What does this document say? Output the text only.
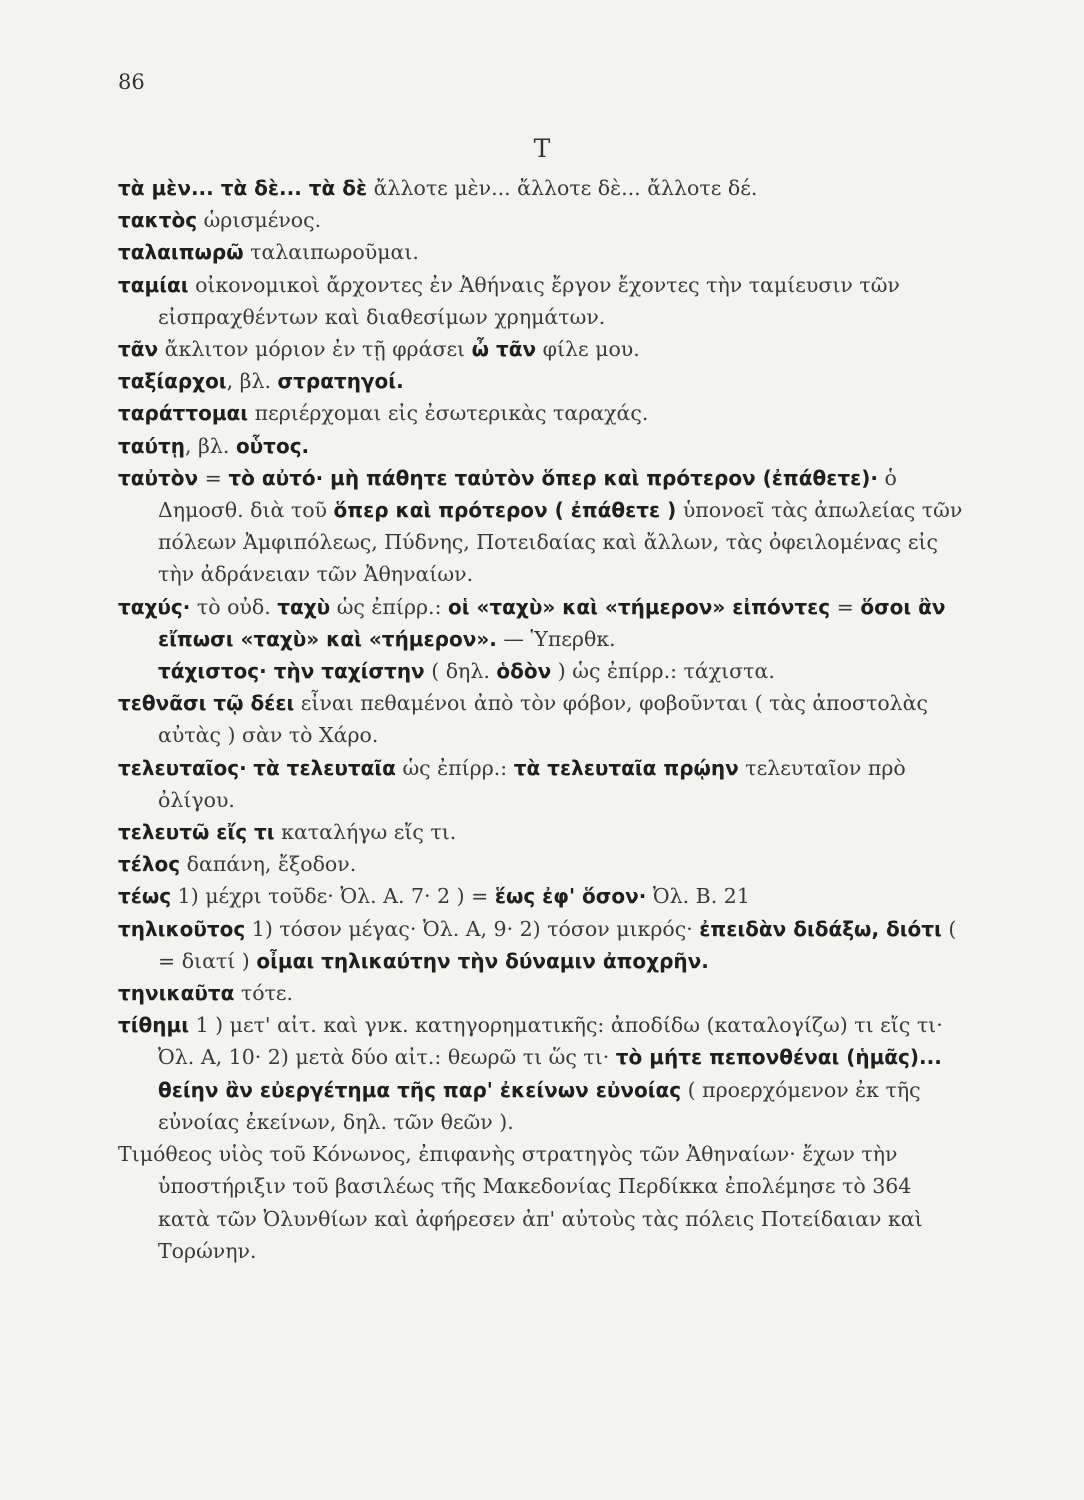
86
Τ

τὰ μὲν... τὰ δὲ... τὰ δὲ ἄλλοτε μὲν... ἄλλοτε δὲ... ἄλλοτε δέ.

τακτὸς ὡρισμένος.

ταλαιπωρῶ ταλαιπωροῦμαι.

ταμίαι οἰκονομικοὶ ἄρχοντες ἐν Ἀθήναις ἔργον ἔχοντες τὴν ταμίευσιν τῶν εἰσπραχθέντων καὶ διαθεσίμων χρημάτων.

τᾶν ἄκλιτον μόριον ἐν τῇ φράσει ὦ τᾶν φίλε μου.

ταξίαρχοι, βλ. στρατηγοί.

ταράττομαι περιέρχομαι εἰς ἐσωτερικὰς ταραχάς.

ταύτῃ, βλ. οὗτος.

ταὐτὸν = τὸ αὐτό· μὴ πάθητε ταὐτὸν ὅπερ καὶ πρότερον (ἐπάθετε)· ὁ Δημοσθ. διὰ τοῦ ὅπερ καὶ πρότερον ( ἐπάθετε ) ὑπονοεῖ τὰς ἀπωλείας τῶν πόλεων Ἀμφιπόλεως, Πύδνης, Ποτειδαίας καὶ ἄλλων, τὰς ὀφειλομένας εἰς τὴν ἀδράνειαν τῶν Ἀθηναίων.

ταχύς· τὸ οὐδ. ταχὺ ὡς ἐπίρρ.: οἱ «ταχὺ» καὶ «τήμερον» εἰπόντες = ὅσοι ἂν εἴπωσι «ταχὺ» καὶ «τήμερον». — Ὑπερθκ.

τάχιστος· τὴν ταχίστην ( δηλ. ὁδὸν ) ὡς ἐπίρρ.: τάχιστα.

τεθνᾶσι τῷ δέει εἶναι πεθαμένοι ἀπὸ τὸν φόβον, φοβοῦνται ( τὰς ἀποστολὰς αὐτὰς ) σὰν τὸ Χάρο.

τελευταῖος· τὰ τελευταῖα ὡς ἐπίρρ.: τὰ τελευταῖα πρῴην τελευταῖον πρὸ ὀλίγου.

τελευτῶ εἴς τι καταλήγω εἴς τι.

τέλος δαπάνη, ἔξοδον.

τέως 1) μέχρι τοῦδε· Ὀλ. Α. 7· 2 ) = ἕως ἐφ' ὅσον· Ὀλ. Β. 21

τηλικοῦτος 1) τόσον μέγας· Ὀλ. Α, 9· 2) τόσον μικρός· ἐπειδὰν διδάξω, διότι ( = διατί ) οἶμαι τηλικαύτην τὴν δύναμιν ἀποχρῆν.

τηνικαῦτα τότε.

τίθημι 1 ) μετ' αἰτ. καὶ γνκ. κατηγορηματικῆς: ἀποδίδω (καταλογίζω) τι εἴς τι· Ὀλ. Α, 10· 2) μετὰ δύο αἰτ.: θεωρῶ τι ὥς τι· τὸ μήτε πεπονθέναι (ἡμᾶς)... θείην ἂν εὐεργέτημα τῆς παρ' ἐκείνων εὐνοίας ( προερχόμενον ἐκ τῆς εὐνοίας ἐκείνων, δηλ. τῶν θεῶν ).

Τιμόθεος υἱὸς τοῦ Κόνωνος, ἐπιφανὴς στρατηγὸς τῶν Ἀθηναίων· ἔχων τὴν ὑποστήριξιν τοῦ βασιλέως τῆς Μακεδονίας Περδίκκα ἐπολέμησε τὸ 364 κατὰ τῶν Ὀλυνθίων καὶ ἀφήρεσεν ἀπ' αὐτοὺς τὰς πόλεις Ποτείδαιαν καὶ Τορώνην.
